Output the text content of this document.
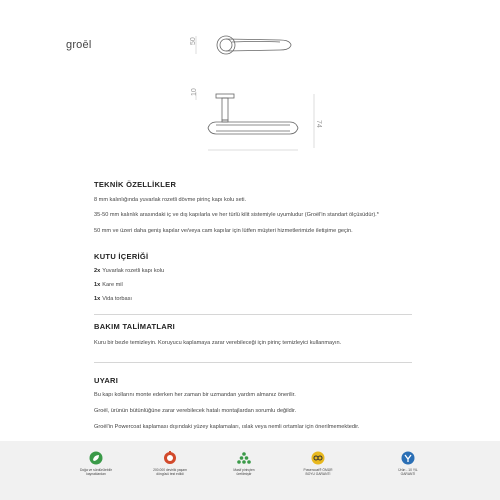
groēl	50
10
74
TEKNİK ÖZELLİKLER
8 mm kalınlığında yuvarlak rozetli dövme pirinç kapı kolu seti.
35-50 mm kalınlık arasındaki iç ve dış kapılarla ve her türlü kilit sistemiyle uyumludur (Groël'in standart ölçüsüdür).*
50 mm ve üzeri daha geniş kapılar ve/veya cam kapılar için lütfen müşteri hizmetlerimizle iletişime geçin.
KUTU İÇERİĞİ
2x Yuvarlak rozetli kapı kolu
1x Kare mil
1x Vida torbası
BAKIM TALİMATLARI
Kuru bir bezle temizleyin. Koruyucu kaplamaya zarar verebileceği için pirinç temizleyici kullanmayın.
UYARI
Bu kapı kollarını monte ederken her zaman bir uzmandan yardım almanız önerilir.
Groël, ürünün bütünlüğüne zarar verebilecek hatalı montajlardan sorumlu değildir.
Groël'in Powercoat kaplaması dışındaki yüzey kaplamaları, ıslak veya nemli ortamlar için önerilmemektedir.
Doğa ve sürdürülebilir
kaynaklardan
200.000 devirlik yaşam
döngüsü test edildi
Masif pirinçten
üretilmiştir
Powercoat® ÖMÜR
BOYU GARANTİ
Ürün - 10 YIL
GARANTİ
